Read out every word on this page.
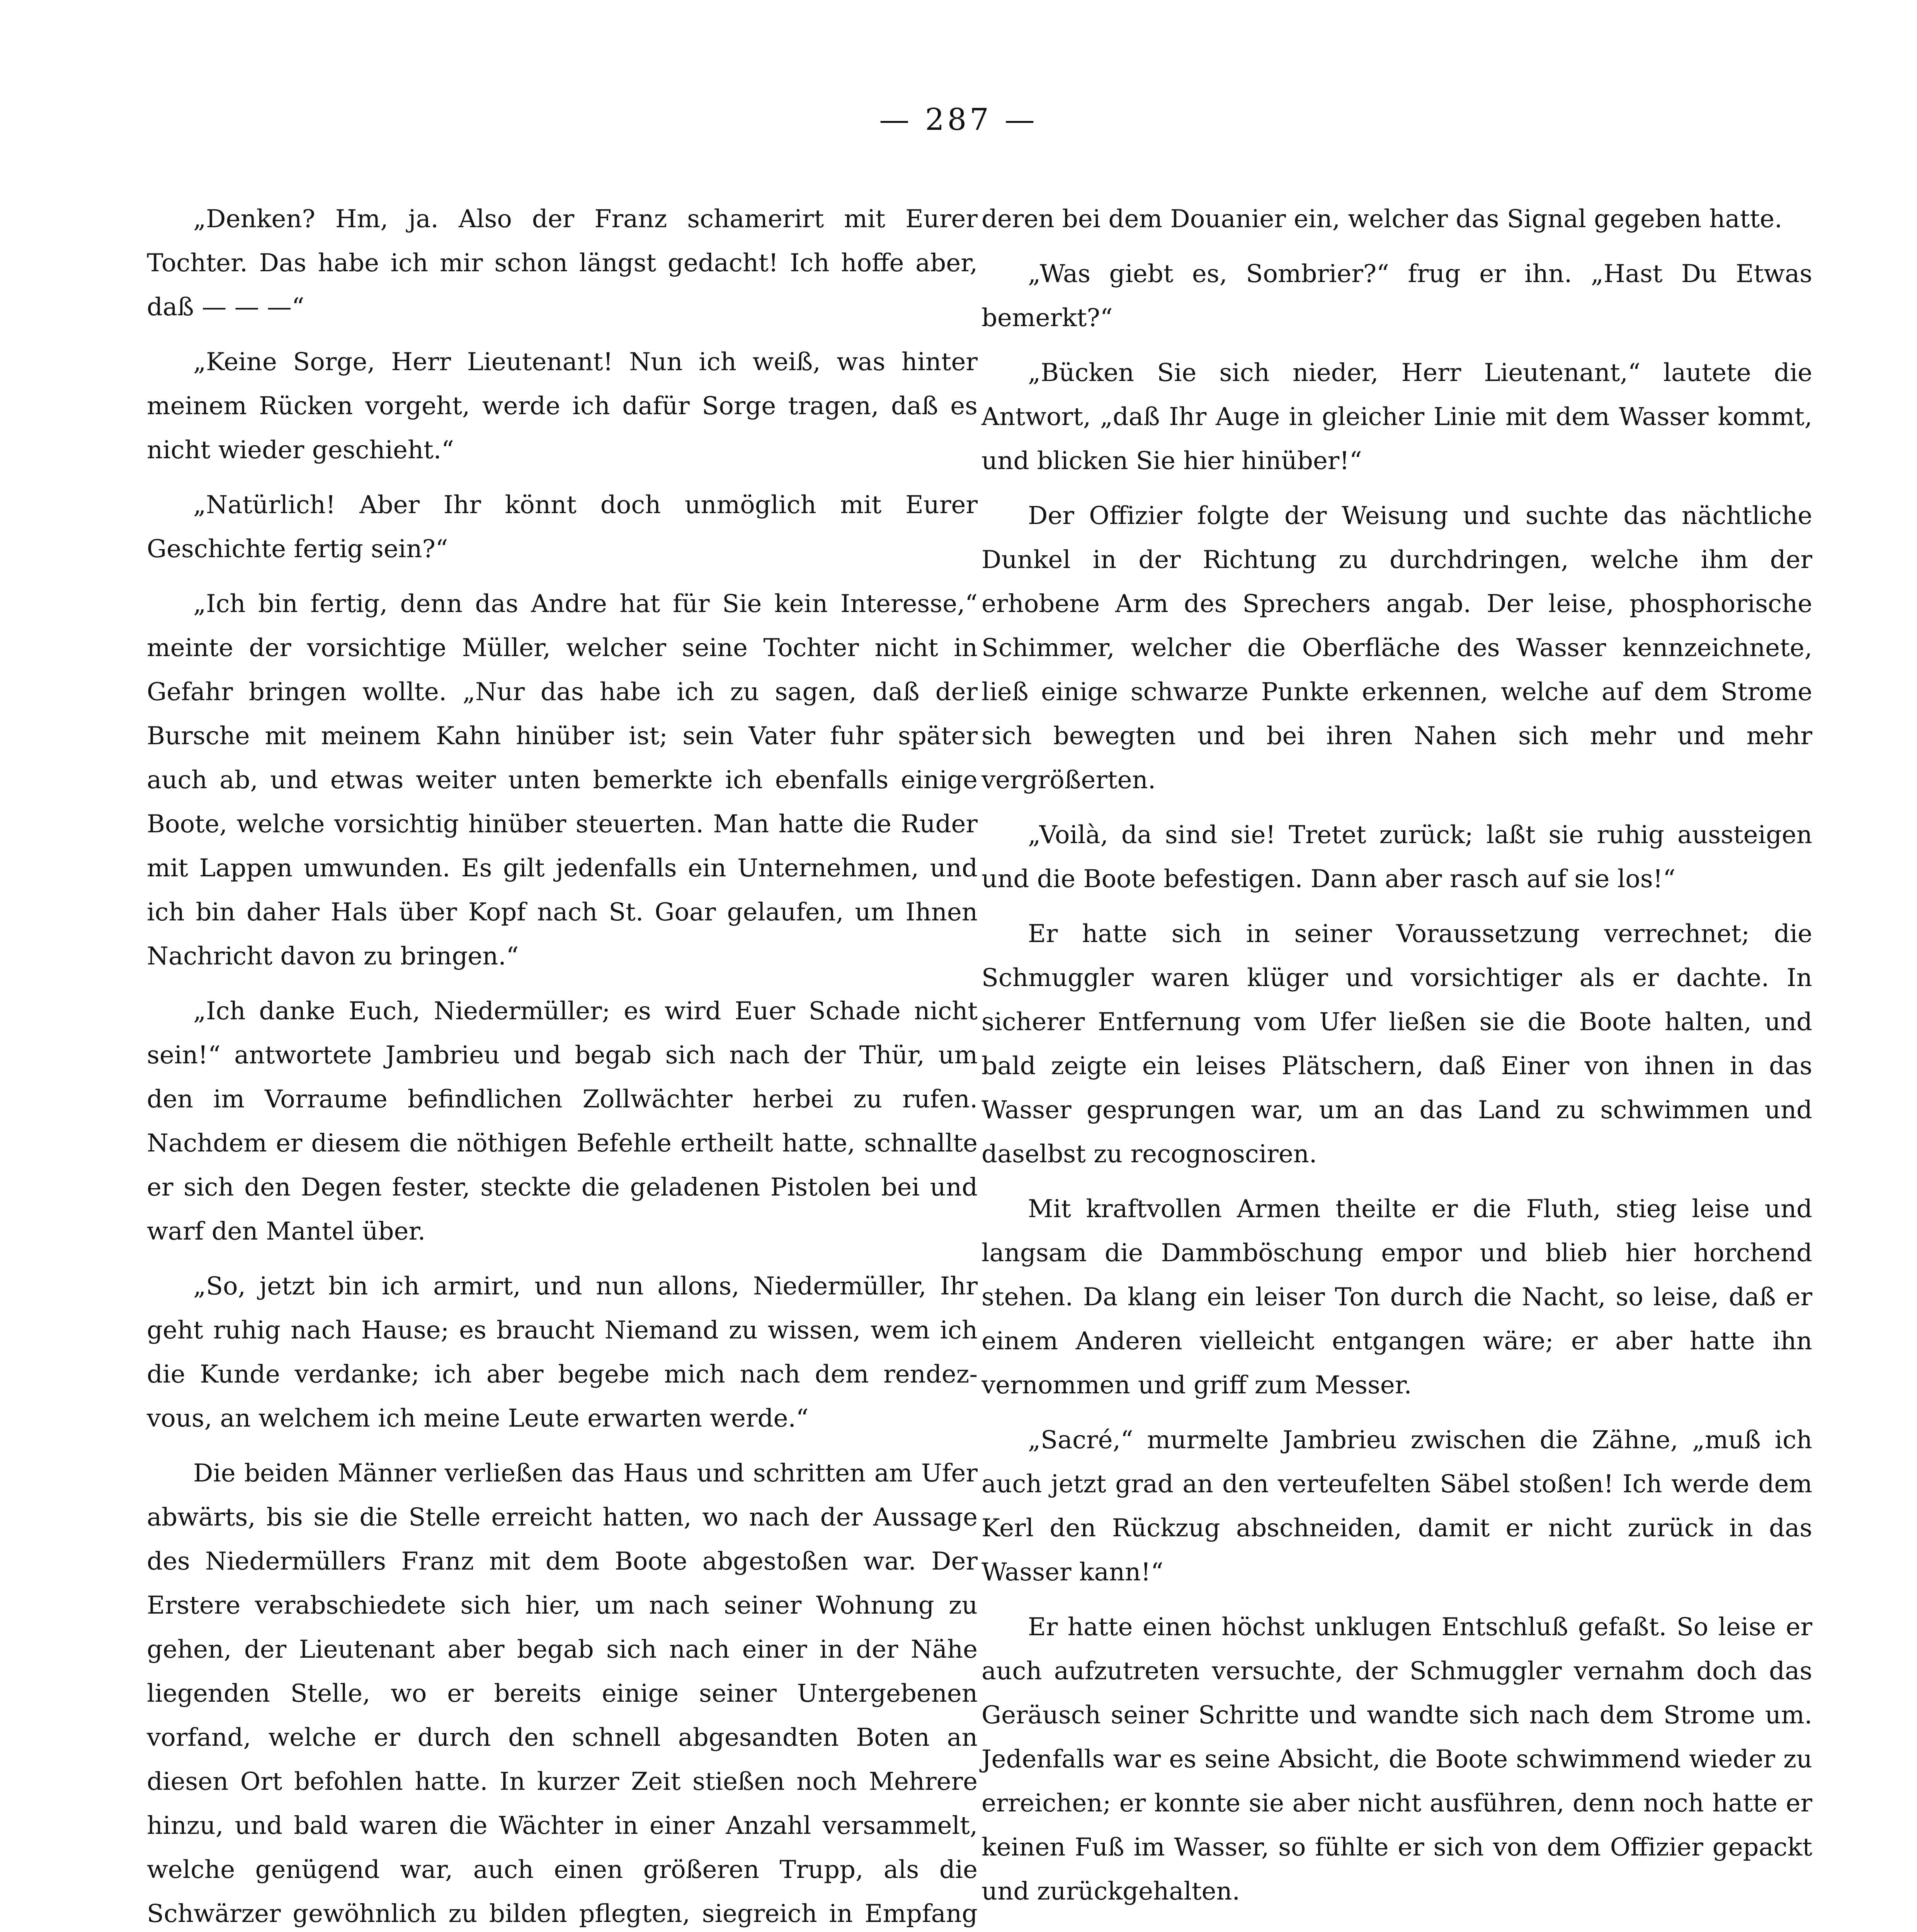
— 287 —

„Denken? Hm, ja. Also der Franz schamerirt mit Eurer Tochter. Das habe ich mir schon längst gedacht! Ich hoffe aber, daß — — —“

„Keine Sorge, Herr Lieutenant! Nun ich weiß, was hinter meinem Rücken vorgeht, werde ich dafür Sorge tragen, daß es nicht wieder geschieht.“

„Natürlich! Aber Ihr könnt doch unmöglich mit Eurer Geschichte fertig sein?“

„Ich bin fertig, denn das Andre hat für Sie kein Interesse,“ meinte der vorsichtige Müller, welcher seine Tochter nicht in Gefahr bringen wollte. „Nur das habe ich zu sagen, daß der Bursche mit meinem Kahn hinüber ist; sein Vater fuhr später auch ab, und etwas weiter unten bemerkte ich ebenfalls einige Boote, welche vorsichtig hinüber steuerten. Man hatte die Ruder mit Lappen umwunden. Es gilt jedenfalls ein Unternehmen, und ich bin daher Hals über Kopf nach St. Goar gelaufen, um Ihnen Nachricht davon zu bringen.“

„Ich danke Euch, Niedermüller; es wird Euer Schade nicht sein!“ antwortete Jambrieu und begab sich nach der Thür, um den im Vorraume befindlichen Zollwächter herbei zu rufen. Nachdem er diesem die nöthigen Befehle ertheilt hatte, schnallte er sich den Degen fester, steckte die geladenen Pistolen bei und warf den Mantel über.

„So, jetzt bin ich armirt, und nun allons, Niedermüller, Ihr geht ruhig nach Hause; es braucht Niemand zu wissen, wem ich die Kunde verdanke; ich aber begebe mich nach dem rendez-vous, an welchem ich meine Leute erwarten werde.“

Die beiden Männer verließen das Haus und schritten am Ufer abwärts, bis sie die Stelle erreicht hatten, wo nach der Aussage des Niedermüllers Franz mit dem Boote abgestoßen war. Der Erstere verabschiedete sich hier, um nach seiner Wohnung zu gehen, der Lieutenant aber begab sich nach einer in der Nähe liegenden Stelle, wo er bereits einige seiner Untergebenen vorfand, welche er durch den schnell abgesandten Boten an diesen Ort befohlen hatte. In kurzer Zeit stießen noch Mehrere hinzu, und bald waren die Wächter in einer Anzahl versammelt, welche genügend war, auch einen größeren Trupp, als die Schwärzer gewöhnlich zu bilden pflegten, siegreich in Empfang

deren bei dem Douanier ein, welcher das Signal gegeben hatte.

„Was giebt es, Sombrier?“ frug er ihn. „Hast Du Etwas bemerkt?“

„Bücken Sie sich nieder, Herr Lieutenant,“ lautete die Antwort, „daß Ihr Auge in gleicher Linie mit dem Wasser kommt, und blicken Sie hier hinüber!“

Der Offizier folgte der Weisung und suchte das nächtliche Dunkel in der Richtung zu durchdringen, welche ihm der erhobene Arm des Sprechers angab. Der leise, phosphorische Schimmer, welcher die Oberfläche des Wasser kennzeichnete, ließ einige schwarze Punkte erkennen, welche auf dem Strome sich bewegten und bei ihren Nahen sich mehr und mehr vergrößerten.

„Voilà, da sind sie! Tretet zurück; laßt sie ruhig aussteigen und die Boote befestigen. Dann aber rasch auf sie los!“

Er hatte sich in seiner Voraussetzung verrechnet; die Schmuggler waren klüger und vorsichtiger als er dachte. In sicherer Entfernung vom Ufer ließen sie die Boote halten, und bald zeigte ein leises Plätschern, daß Einer von ihnen in das Wasser gesprungen war, um an das Land zu schwimmen und daselbst zu recognosciren.

Mit kraftvollen Armen theilte er die Fluth, stieg leise und langsam die Dammböschung empor und blieb hier horchend stehen. Da klang ein leiser Ton durch die Nacht, so leise, daß er einem Anderen vielleicht entgangen wäre; er aber hatte ihn vernommen und griff zum Messer.

„Sacré,“ murmelte Jambrieu zwischen die Zähne, „muß ich auch jetzt grad an den verteufelten Säbel stoßen! Ich werde dem Kerl den Rückzug abschneiden, damit er nicht zurück in das Wasser kann!“

Er hatte einen höchst unklugen Entschluß gefaßt. So leise er auch aufzutreten versuchte, der Schmuggler vernahm doch das Geräusch seiner Schritte und wandte sich nach dem Strome um. Jedenfalls war es seine Absicht, die Boote schwimmend wieder zu erreichen; er konnte sie aber nicht ausführen, denn noch hatte er keinen Fuß im Wasser, so fühlte er sich von dem Offizier gepackt und zurückgehalten.
